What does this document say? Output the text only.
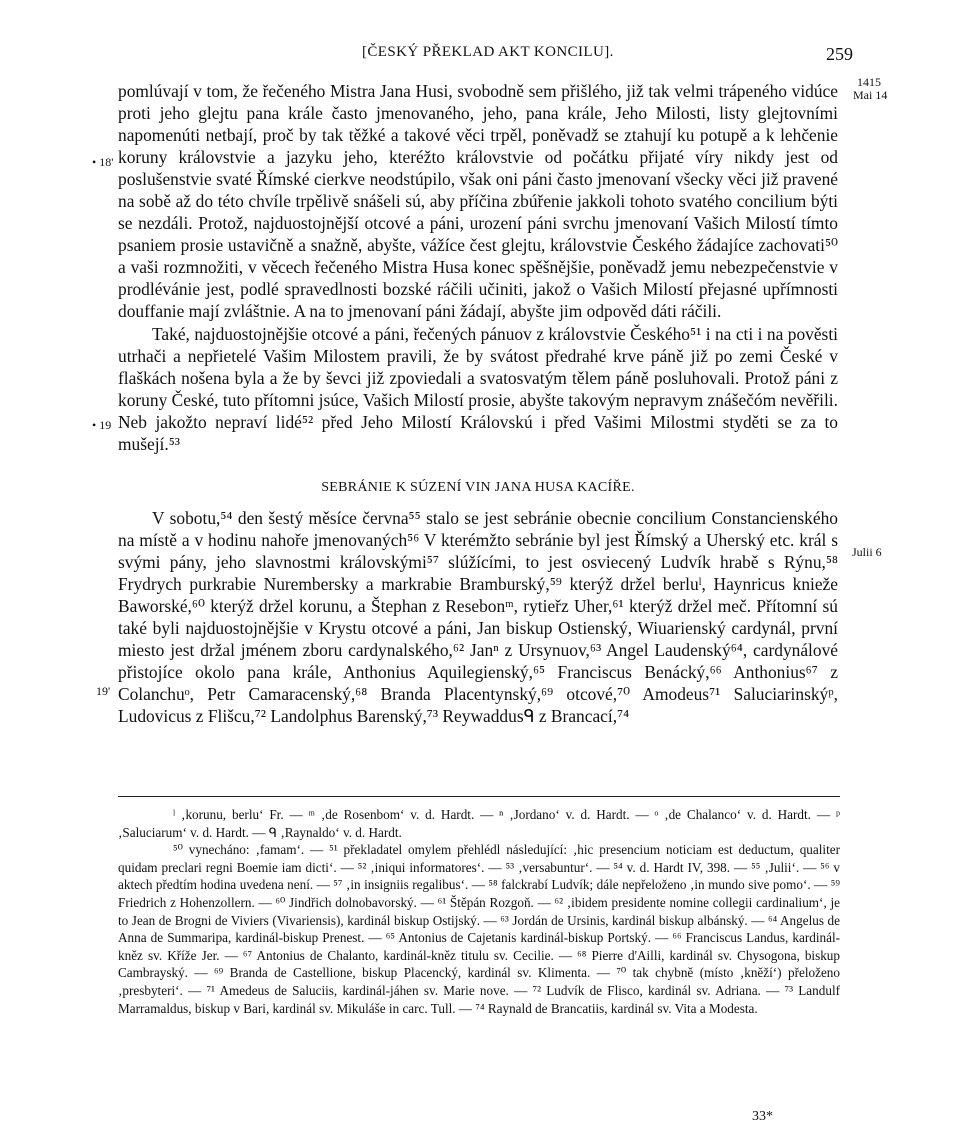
[ČESKÝ PŘEKLAD AKT KONCILU].	259
1415
Mai 14
• 18'
• 19
Julii 6
19'

pomlúvají v tom, že řečeného Mistra Jana Husi, svobodně sem přišlého, již tak velmi trápeného vidúce proti jeho glejtu pana krále často jmenovaného, jeho, pana krále, Jeho Milosti, listy glejtovními napomenúti netbají, proč by tak těžké a takové věci trpěl, poněvadž se ztahují ku potupě a k lehčenie koruny královstvie a jazyku jeho, kteréžto královstvie od počátku přijaté víry nikdy jest od poslušenstvie svaté Římské cierkve neodstúpilo, však oni páni často jmenovaní všecky věci již pravené na sobě až do této chvíle trpělivě snášeli sú, aby příčina zbúřenie jakkoli tohoto svatého concilium býti se nezdáli. Protož, najduostojnější otcové a páni, urození páni svrchu jmenovaní Vašich Milostí tímto psaniem prosie ustavičně a snažně, abyšte, vážíce čest glejtu, královstvie Českého žádajíce zachovati⁵⁰ a vaši rozmnožiti, v věcech řečeného Mistra Husa konec spěšnějšie, poněvadž jemu nebezpečenstvie v prodlévánie jest, podlé spravedlnosti bozské ráčili učiniti, jakož o Vašich Milostí přejasné upřímnosti douffanie mají zvláštnie. A na to jmenovaní páni žádají, abyšte jim odpověd dáti ráčili.

Také, najduostojnějšie otcové a páni, řečených pánuov z královstvie Českého⁵¹ i na cti i na pověsti utrhači a nepřietelé Vašim Milostem pravili, že by svátost předrahé krve páně již po zemi České v flaškách nošena byla a že by ševci již zpoviedali a svatosvatým tělem páně posluhovali. Protož páni z koruny České, tuto přítomni jsúce, Vašich Milostí prosie, abyšte takovým nepravym znášečóm nevěřili. Neb jakožto nepraví lidé⁵² před Jeho Milostí Královskú i před Vašimi Milostmi styděti se za to mušejí.⁵³

SEBRÁNIE K SÚZENÍ VIN JANA HUSA KACÍŘE.

V sobotu,⁵⁴ den šestý měsíce června⁵⁵ stalo se jest sebránie obecnie concilium Constancienského na místě a v hodinu nahoře jmenovaných⁵⁶ V kterémžto sebránie byl jest Římský a Uherský etc. král s svými pány, jeho slavnostmi královskými⁵⁷ slúžícími, to jest osviecený Ludvík hrabě s Rýnu,⁵⁸ Frydrych purkrabie Nurembersky a markrabie Bramburský,⁵⁹ kterýž držel berluˡ, Haynricus knieže Baworské,⁶⁰ kterýž držel korunu, a Štephan z Resebonᵐ, rytieřz Uher,⁶¹ kterýž držel meč. Přítomní sú také byli najduostojnějšie v Krystu otcové a páni, Jan biskup Ostienský, Wiuarienský cardynál, první miesto jest držal jménem zboru cardynalského,⁶² Janⁿ z Ursynuov,⁶³ Angel Laudenský⁶⁴, cardynálové přistojíce okolo pana krále, Anthonius Aquilegienský,⁶⁵ Franciscus Benácký,⁶⁶ Anthonius⁶⁷ z Colanchuᵒ, Petr Camaracenský,⁶⁸ Branda Placentynský,⁶⁹ otcové,⁷⁰ Amodeus⁷¹ Saluciarinskýᵖ, Ludovicus z Flišcu,⁷² Landolphus Barenský,⁷³ Reywaddusᑫ z Brancací,⁷⁴

ˡ ‚korunu, berlu‘ Fr. — ᵐ ‚de Rosenbom‘ v. d. Hardt. — ⁿ ‚Jordano‘ v. d. Hardt. — ᵒ ‚de Chalanco‘ v. d. Hardt. — ᵖ ‚Saluciarum‘ v. d. Hardt. — ᑫ ‚Raynaldo‘ v. d. Hardt.

⁵⁰ vynecháno: ‚famam‘. — ⁵¹ překladatel omylem přehlédl následující: ‚hic presencium noticiam est deductum, qualiter quidam preclari regni Boemie iam dicti‘. — ⁵² ‚iniqui informatores‘. — ⁵³ ‚versabuntur‘. — ⁵⁴ v. d. Hardt IV, 398. — ⁵⁵ ‚Julii‘. — ⁵⁶ v aktech předtím hodina uvedena není. — ⁵⁷ ‚in insigniis regalibus‘. — ⁵⁸ falckrabí Ludvík; dále nepřeloženo ‚in mundo sive pomo‘. — ⁵⁹ Friedrich z Hohenzollern. — ⁶⁰ Jindřich dolnobavorský. — ⁶¹ Štěpán Rozgoň. — ⁶² ‚ibidem presidente nomine collegii cardinalium‘, je to Jean de Brogni de Viviers (Vivariensis), kardinál biskup Ostijský. — ⁶³ Jordán de Ursinis, kardinál biskup albánský. — ⁶⁴ Angelus de Anna de Summaripa, kardinál-biskup Prenest. — ⁶⁵ Antonius de Cajetanis kardinál-biskup Portský. — ⁶⁶ Franciscus Landus, kardinál-kněz sv. Kříže Jer. — ⁶⁷ Antonius de Chalanto, kardinál-kněz titulu sv. Cecilie. — ⁶⁸ Pierre d'Ailli, kardinál sv. Chysogona, biskup Cambrayský. — ⁶⁹ Branda de Castellione, biskup Placencký, kardinál sv. Klimenta. — ⁷⁰ tak chybně (místo ‚kněží‘) přeloženo ‚presbyteri‘. — ⁷¹ Amedeus de Saluciis, kardinál-jáhen sv. Marie nove. — ⁷² Ludvík de Flisco, kardinál sv. Adriana. — ⁷³ Landulf Marramaldus, biskup v Bari, kardinál sv. Mikuláše in carc. Tull. — ⁷⁴ Raynald de Brancatiis, kardinál sv. Vita a Modesta.

33*
